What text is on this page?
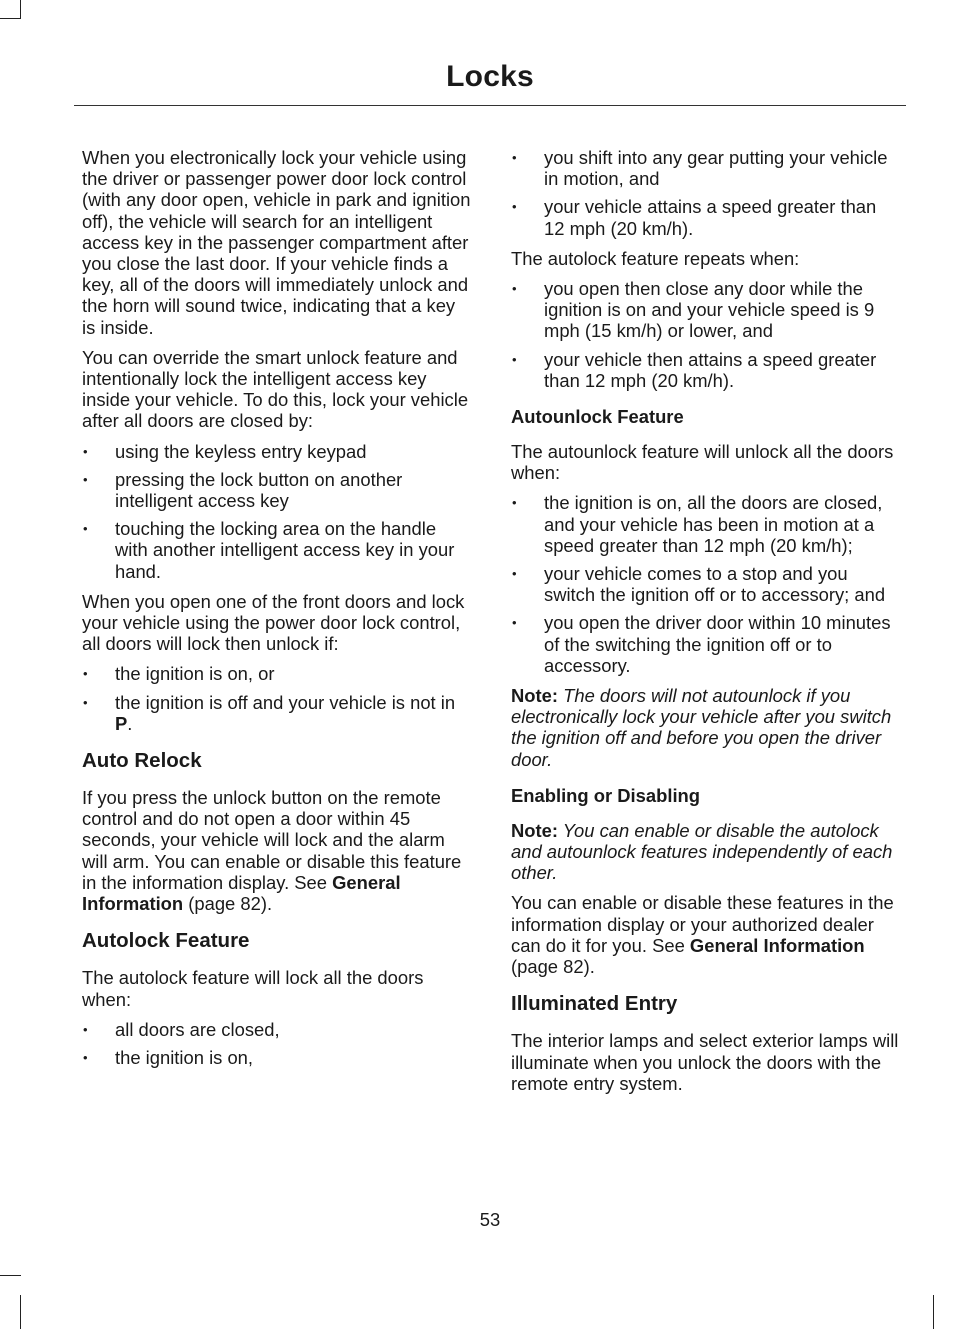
Locks

When you electronically lock your vehicle using the driver or passenger power door lock control (with any door open, vehicle in park and ignition off), the vehicle will search for an intelligent access key in the passenger compartment after you close the last door. If your vehicle finds a key, all of the doors will immediately unlock and the horn will sound twice, indicating that a key is inside.

You can override the smart unlock feature and intentionally lock the intelligent access key inside your vehicle. To do this, lock your vehicle after all doors are closed by:

• using the keyless entry keypad
• pressing the lock button on another intelligent access key
• touching the locking area on the handle with another intelligent access key in your hand.

When you open one of the front doors and lock your vehicle using the power door lock control, all doors will lock then unlock if:

• the ignition is on, or
• the ignition is off and your vehicle is not in P.
Auto Relock

If you press the unlock button on the remote control and do not open a door within 45 seconds, your vehicle will lock and the alarm will arm. You can enable or disable this feature in the information display. See General Information (page 82).

Autolock Feature

The autolock feature will lock all the doors when:

• all doors are closed,
• the ignition is on,
• you shift into any gear putting your vehicle in motion, and
• your vehicle attains a speed greater than 12 mph (20 km/h).

The autolock feature repeats when:

• you open then close any door while the ignition is on and your vehicle speed is 9 mph (15 km/h) or lower, and
• your vehicle then attains a speed greater than 12 mph (20 km/h).
Autounlock Feature

The autounlock feature will unlock all the doors when:

• the ignition is on, all the doors are closed, and your vehicle has been in motion at a speed greater than 12 mph (20 km/h);
• your vehicle comes to a stop and you switch the ignition off or to accessory; and
• you open the driver door within 10 minutes of the switching the ignition off or to accessory.

Note: The doors will not autounlock if you electronically lock your vehicle after you switch the ignition off and before you open the driver door.

Enabling or Disabling

Note: You can enable or disable the autolock and autounlock features independently of each other.

You can enable or disable these features in the information display or your authorized dealer can do it for you. See General Information (page 82).

Illuminated Entry

The interior lamps and select exterior lamps will illuminate when you unlock the doors with the remote entry system.

53
